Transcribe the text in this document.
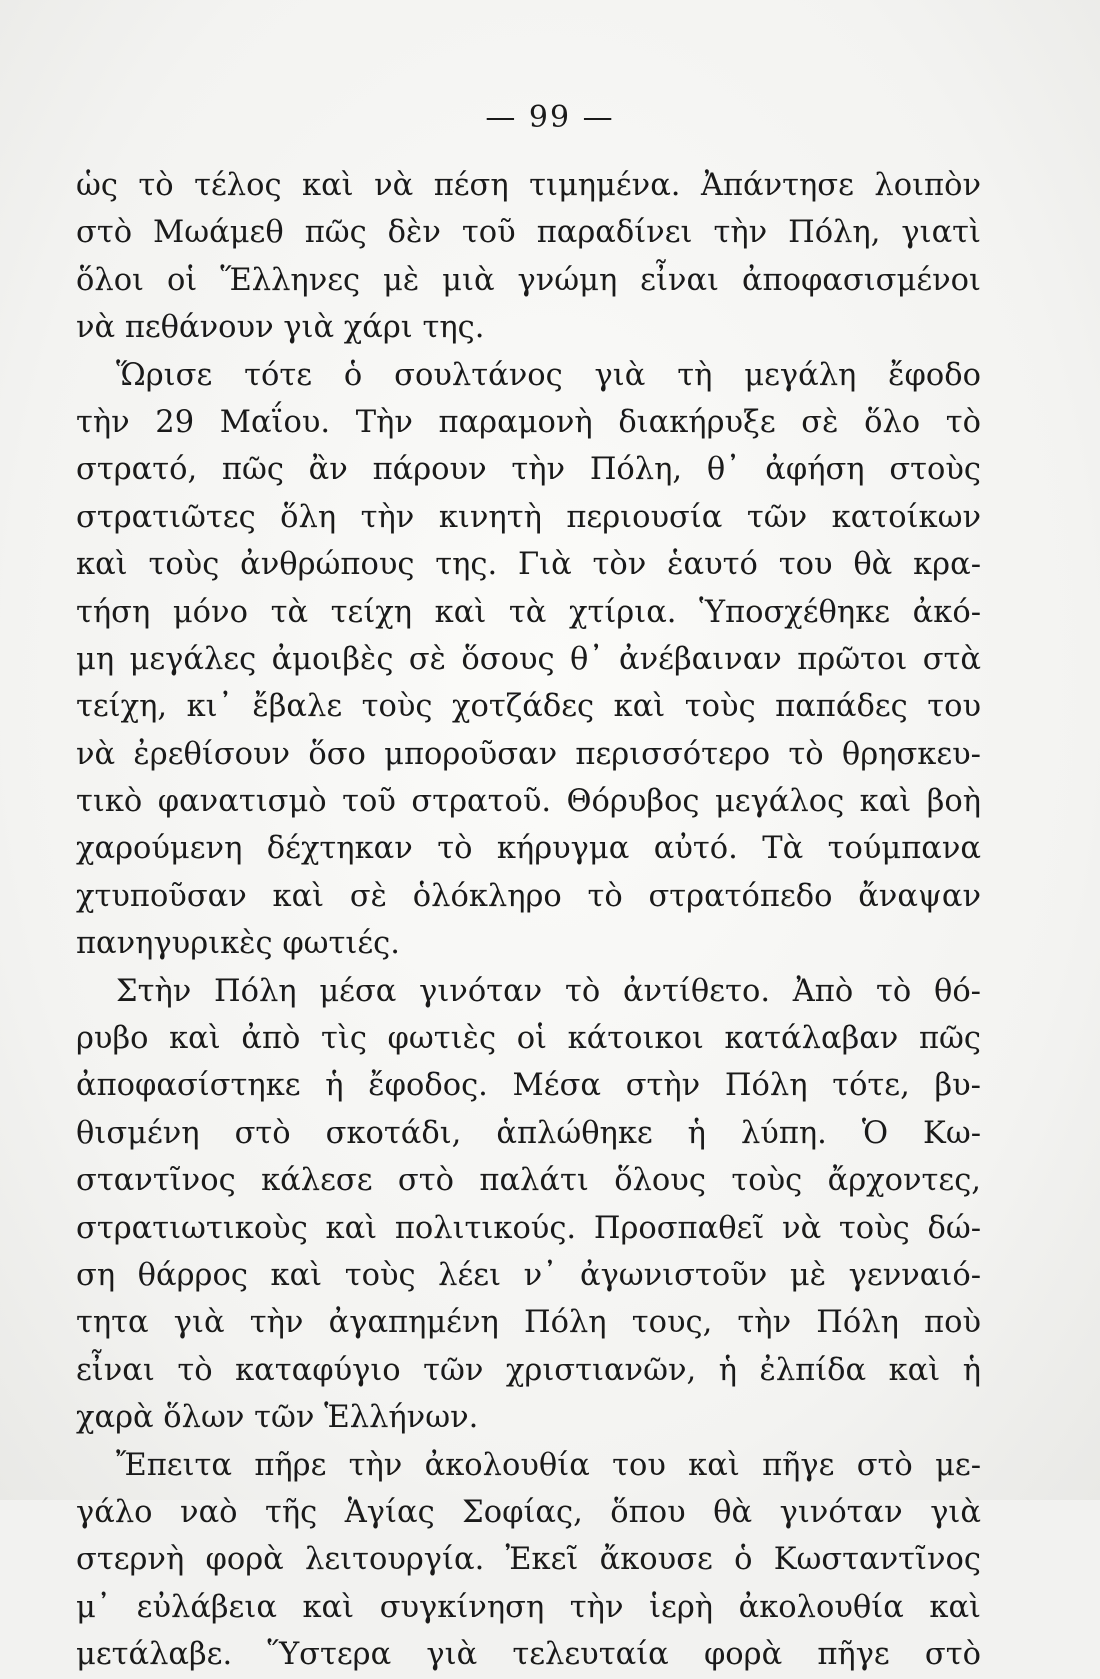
— 99 —
ὡς τὸ τέλος καὶ νὰ πέση τιμημένα. Ἀπάντησε λοιπὸν
στὸ Μωάμεθ πῶς δὲν τοῦ παραδίνει τὴν Πόλη, γιατὶ
ὅλοι οἱ Ἕλληνες μὲ μιὰ γνώμη εἶναι ἀποφασισμένοι
νὰ πεθάνουν γιὰ χάρι της.
Ὥρισε τότε ὁ σουλτάνος γιὰ τὴ μεγάλη ἔφοδο
τὴν 29 Μαΐου. Τὴν παραμονὴ διακήρυξε σὲ ὅλο τὸ
στρατό, πῶς ἂν πάρουν τὴν Πόλη, θ᾽ ἀφήση στοὺς
στρατιῶτες ὅλη τὴν κινητὴ περιουσία τῶν κατοίκων
καὶ τοὺς ἀνθρώπους της. Γιὰ τὸν ἑαυτό του θὰ κρα-
τήση μόνο τὰ τείχη καὶ τὰ χτίρια. Ὑποσχέθηκε ἀκό-
μη μεγάλες ἀμοιβὲς σὲ ὅσους θ᾽ ἀνέβαιναν πρῶτοι στὰ
τείχη, κι᾽ ἔβαλε τοὺς χοτζάδες καὶ τοὺς παπάδες του
νὰ ἐρεθίσουν ὅσο μποροῦσαν περισσότερο τὸ θρησκευ-
τικὸ φανατισμὸ τοῦ στρατοῦ. Θόρυβος μεγάλος καὶ βοὴ
χαρούμενη δέχτηκαν τὸ κήρυγμα αὐτό. Τὰ τούμπανα
χτυποῦσαν καὶ σὲ ὁλόκληρο τὸ στρατόπεδο ἄναψαν
πανηγυρικὲς φωτιές.
Στὴν Πόλη μέσα γινόταν τὸ ἀντίθετο. Ἀπὸ τὸ θό-
ρυβο καὶ ἀπὸ τὶς φωτιὲς οἱ κάτοικοι κατάλαβαν πῶς
ἀποφασίστηκε ἡ ἔφοδος. Μέσα στὴν Πόλη τότε, βυ-
θισμένη στὸ σκοτάδι, ἁπλώθηκε ἡ λύπη. Ὁ Κω-
σταντῖνος κάλεσε στὸ παλάτι ὅλους τοὺς ἄρχοντες,
στρατιωτικοὺς καὶ πολιτικούς. Προσπαθεῖ νὰ τοὺς δώ-
ση θάρρος καὶ τοὺς λέει ν᾽ ἀγωνιστοῦν μὲ γενναιό-
τητα γιὰ τὴν ἀγαπημένη Πόλη τους, τὴν Πόλη ποὺ
εἶναι τὸ καταφύγιο τῶν χριστιανῶν, ἡ ἐλπίδα καὶ ἡ
χαρὰ ὅλων τῶν Ἑλλήνων.
Ἔπειτα πῆρε τὴν ἀκολουθία του καὶ πῆγε στὸ με-
γάλο ναὸ τῆς Ἁγίας Σοφίας, ὅπου θὰ γινόταν γιὰ
στερνὴ φορὰ λειτουργία. Ἐκεῖ ἄκουσε ὁ Κωσταντῖνος
μ᾽ εὐλάβεια καὶ συγκίνηση τὴν ἱερὴ ἀκολουθία καὶ
μετάλαβε. Ὕστερα γιὰ τελευταία φορὰ πῆγε στὸ
